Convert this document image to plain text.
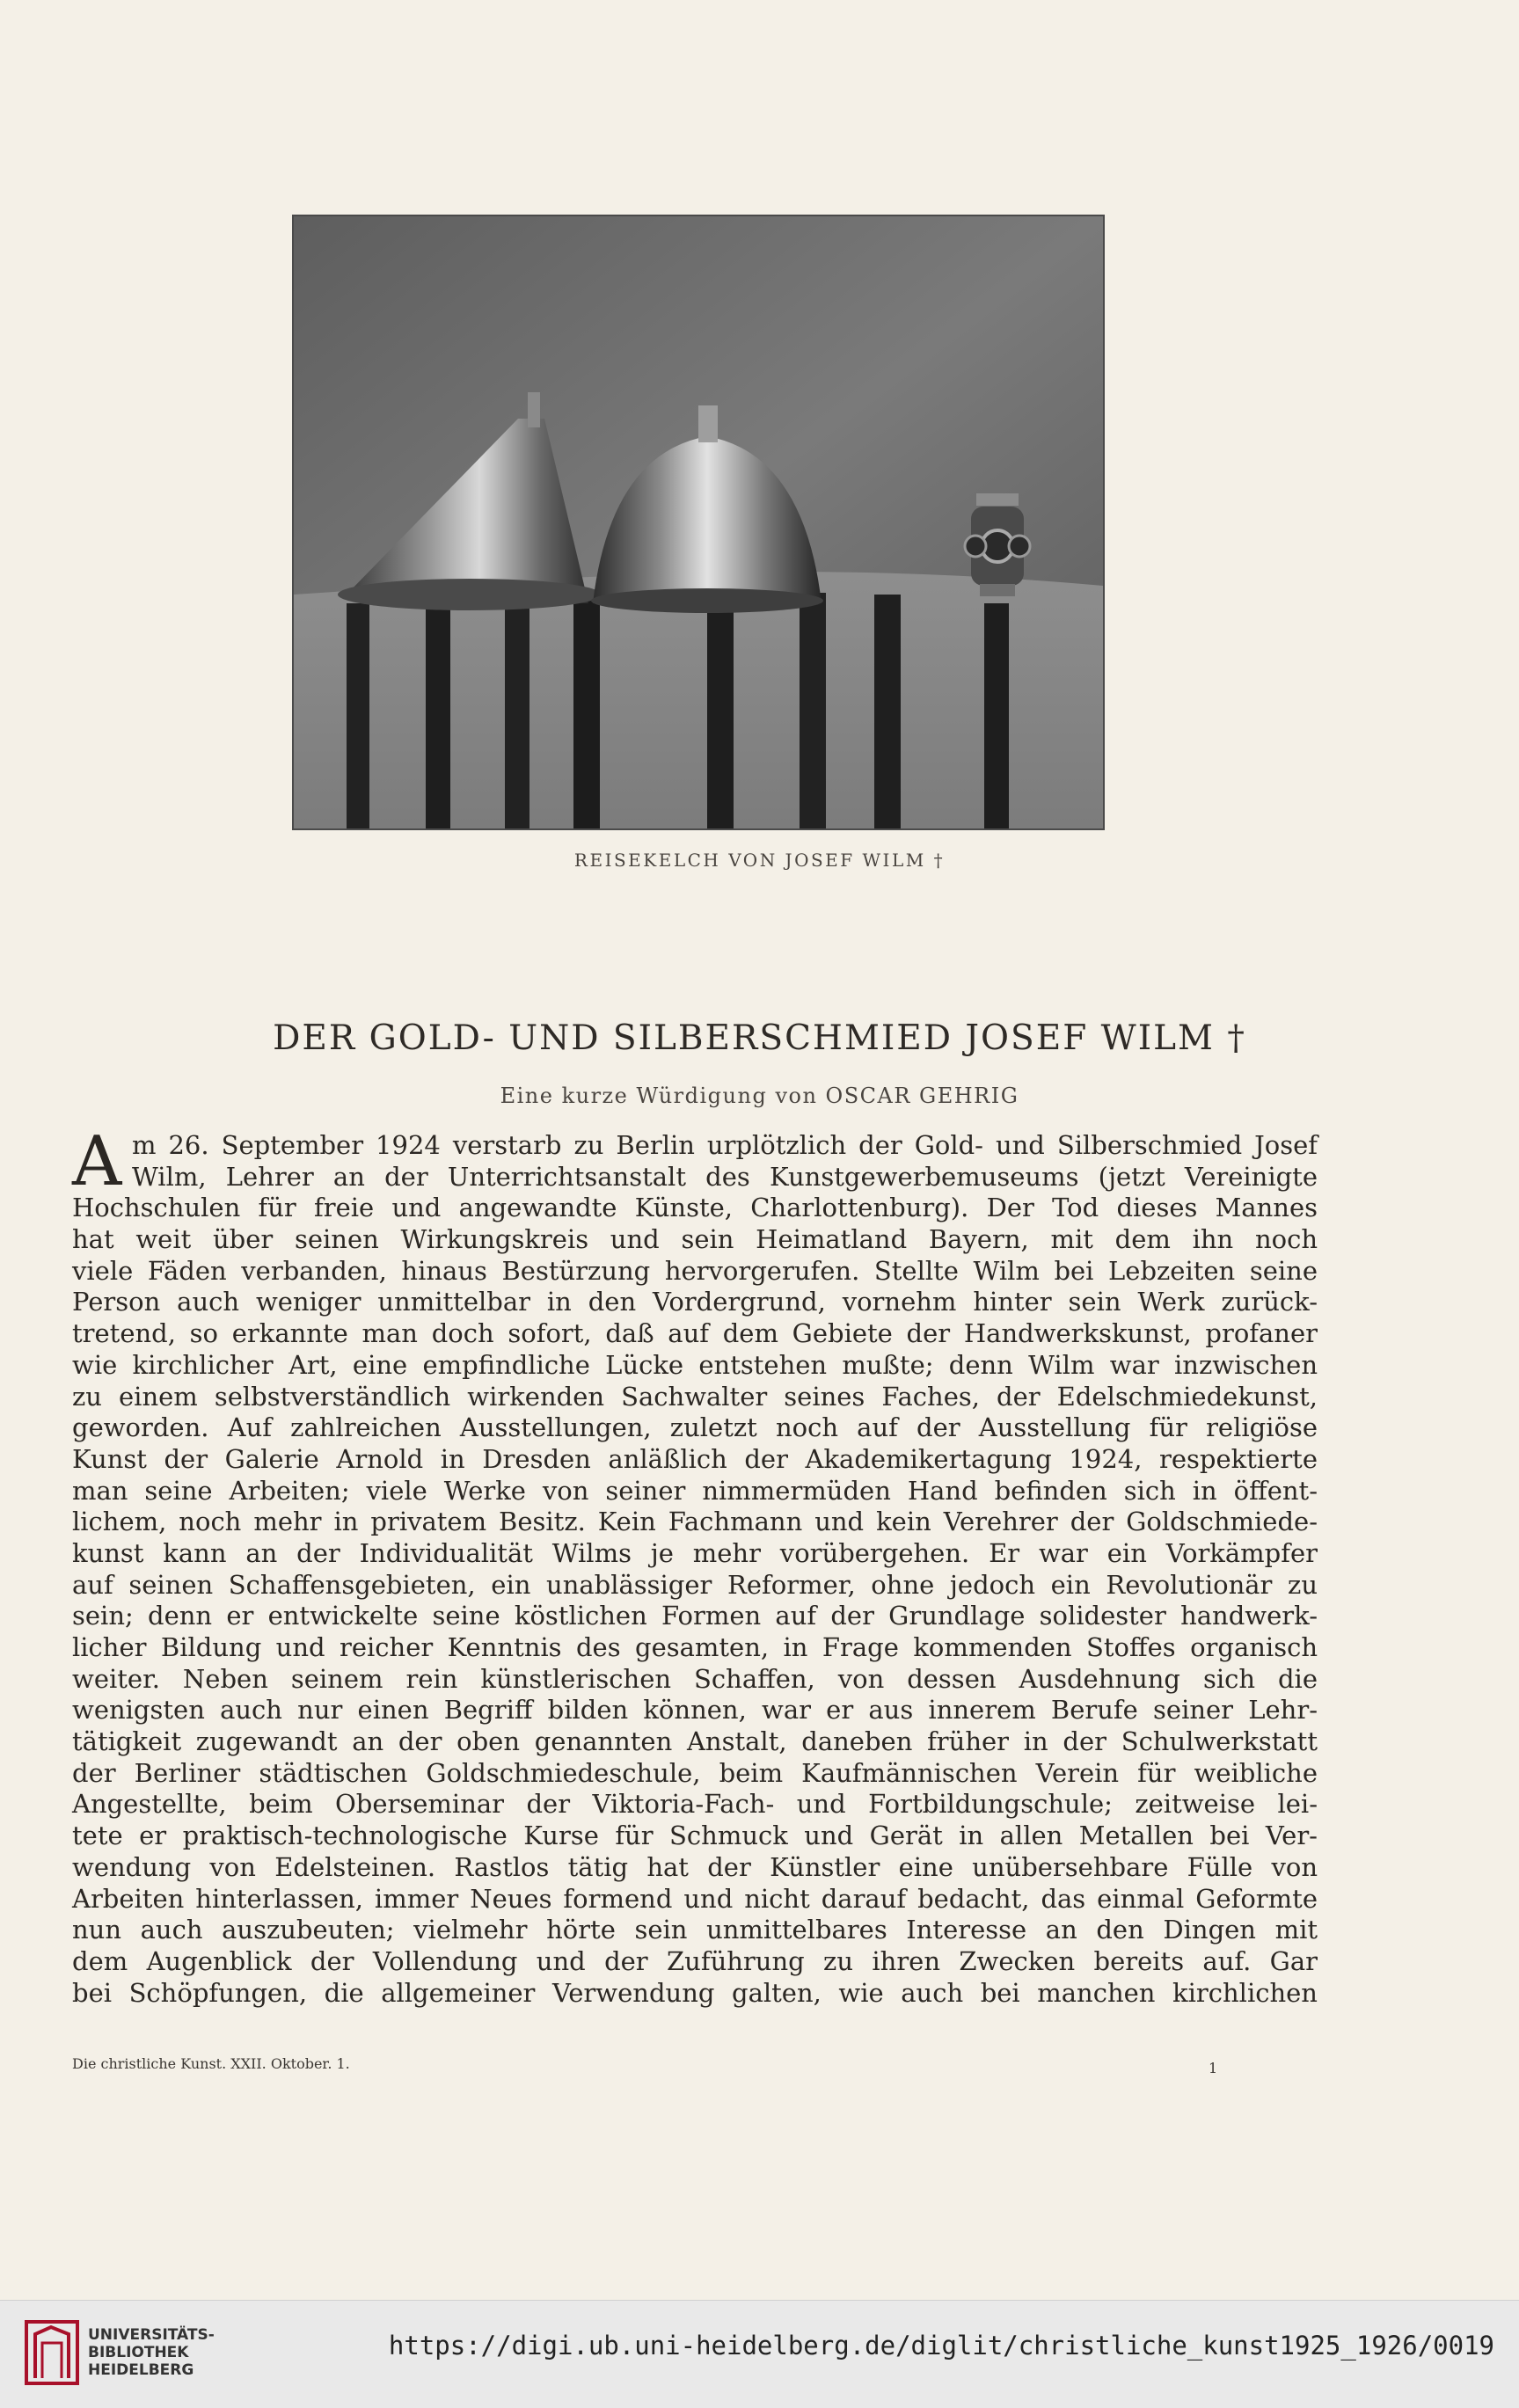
REISEKELCH VON JOSEF WILM †
DER GOLD- UND SILBERSCHMIED JOSEF WILM †
Eine kurze Würdigung von OSCAR GEHRIG
A m 26. September 1924 verstarb zu Berlin urplötzlich der Gold- und Silberschmied Josef
Wilm, Lehrer an der Unterrichtsanstalt des Kunstgewerbemuseums (jetzt Vereinigte
Hochschulen für freie und angewandte Künste, Charlottenburg). Der Tod dieses Mannes
hat weit über seinen Wirkungskreis und sein Heimatland Bayern, mit dem ihn noch
viele Fäden verbanden, hinaus Bestürzung hervorgerufen. Stellte Wilm bei Lebzeiten seine
Person auch weniger unmittelbar in den Vordergrund, vornehm hinter sein Werk zurück-
tretend, so erkannte man doch sofort, daß auf dem Gebiete der Handwerkskunst, profaner
wie kirchlicher Art, eine empfindliche Lücke entstehen mußte; denn Wilm war inzwischen
zu einem selbstverständlich wirkenden Sachwalter seines Faches, der Edelschmiedekunst,
geworden. Auf zahlreichen Ausstellungen, zuletzt noch auf der Ausstellung für religiöse
Kunst der Galerie Arnold in Dresden anläßlich der Akademikertagung 1924, respektierte
man seine Arbeiten; viele Werke von seiner nimmermüden Hand befinden sich in öffent-
lichem, noch mehr in privatem Besitz. Kein Fachmann und kein Verehrer der Goldschmiede-
kunst kann an der Individualität Wilms je mehr vorübergehen. Er war ein Vorkämpfer
auf seinen Schaffensgebieten, ein unablässiger Reformer, ohne jedoch ein Revolutionär zu
sein; denn er entwickelte seine köstlichen Formen auf der Grundlage solidester handwerk-
licher Bildung und reicher Kenntnis des gesamten, in Frage kommenden Stoffes organisch
weiter. Neben seinem rein künstlerischen Schaffen, von dessen Ausdehnung sich die
wenigsten auch nur einen Begriff bilden können, war er aus innerem Berufe seiner Lehr-
tätigkeit zugewandt an der oben genannten Anstalt, daneben früher in der Schulwerkstatt
der Berliner städtischen Goldschmiedeschule, beim Kaufmännischen Verein für weibliche
Angestellte, beim Oberseminar der Viktoria-Fach- und Fortbildungschule; zeitweise lei-
tete er praktisch-technologische Kurse für Schmuck und Gerät in allen Metallen bei Ver-
wendung von Edelsteinen. Rastlos tätig hat der Künstler eine unübersehbare Fülle von
Arbeiten hinterlassen, immer Neues formend und nicht darauf bedacht, das einmal Geformte
nun auch auszubeuten; vielmehr hörte sein unmittelbares Interesse an den Dingen mit
dem Augenblick der Vollendung und der Zuführung zu ihren Zwecken bereits auf. Gar
bei Schöpfungen, die allgemeiner Verwendung galten, wie auch bei manchen kirchlichen
Die christliche Kunst. XXII. Oktober. 1.	1
UNIVERSITÄTS-
BIBLIOTHEK
HEIDELBERG
https://digi.ub.uni-heidelberg.de/diglit/christliche_kunst1925_1926/0019
